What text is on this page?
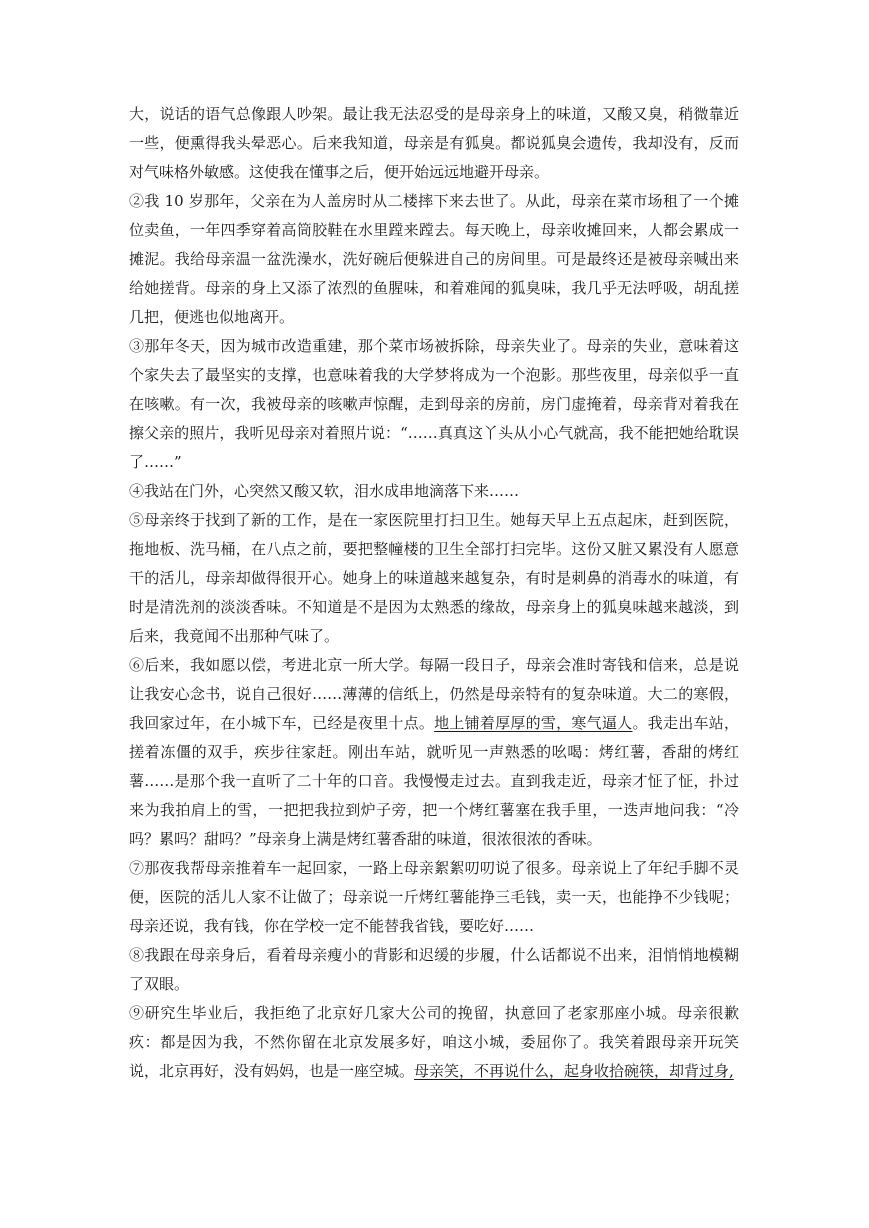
大，说话的语气总像跟人吵架。最让我无法忍受的是母亲身上的味道，又酸又臭，稍微靠近一些，便熏得我头晕恶心。后来我知道，母亲是有狐臭。都说狐臭会遗传，我却没有，反而对气味格外敏感。这使我在懂事之后，便开始远远地避开母亲。

②我 10 岁那年，父亲在为人盖房时从二楼摔下来去世了。从此，母亲在菜市场租了一个摊位卖鱼，一年四季穿着高筒胶鞋在水里蹚来蹚去。每天晚上，母亲收摊回来，人都会累成一摊泥。我给母亲温一盆洗澡水，洗好碗后便躲进自己的房间里。可是最终还是被母亲喊出来给她搓背。母亲的身上又添了浓烈的鱼腥味，和着难闻的狐臭味，我几乎无法呼吸，胡乱搓几把，便逃也似地离开。

③那年冬天，因为城市改造重建，那个菜市场被拆除，母亲失业了。母亲的失业，意味着这个家失去了最坚实的支撑，也意味着我的大学梦将成为一个泡影。那些夜里，母亲似乎一直在咳嗽。有一次，我被母亲的咳嗽声惊醒，走到母亲的房前，房门虚掩着，母亲背对着我在擦父亲的照片，我听见母亲对着照片说：“……真真这丫头从小心气就高，我不能把她给耽误了……”

④我站在门外，心突然又酸又软，泪水成串地滴落下来……

⑤母亲终于找到了新的工作，是在一家医院里打扫卫生。她每天早上五点起床，赶到医院，拖地板、洗马桶，在八点之前，要把整幢楼的卫生全部打扫完毕。这份又脏又累没有人愿意干的活儿，母亲却做得很开心。她身上的味道越来越复杂，有时是刺鼻的消毒水的味道，有时是清洗剂的淡淡香味。不知道是不是因为太熟悉的缘故，母亲身上的狐臭味越来越淡，到后来，我竟闻不出那种气味了。

⑥后来，我如愿以偿，考进北京一所大学。每隔一段日子，母亲会准时寄钱和信来，总是说让我安心念书，说自己很好……薄薄的信纸上，仍然是母亲特有的复杂味道。大二的寒假，我回家过年，在小城下车，已经是夜里十点。地上铺着厚厚的雪，寒气逼人。我走出车站，搓着冻僵的双手，疾步往家赶。刚出车站，就听见一声熟悉的吆喝：烤红薯，香甜的烤红薯……是那个我一直听了二十年的口音。我慢慢走过去。直到我走近，母亲才怔了怔，扑过来为我拍肩上的雪，一把把我拉到炉子旁，把一个烤红薯塞在我手里，一迭声地问我：“冷吗？累吗？甜吗？”母亲身上满是烤红薯香甜的味道，很浓很浓的香味。

⑦那夜我帮母亲推着车一起回家，一路上母亲絮絮叨叨说了很多。母亲说上了年纪手脚不灵便，医院的活儿人家不让做了；母亲说一斤烤红薯能挣三毛钱，卖一天，也能挣不少钱呢；母亲还说，我有钱，你在学校一定不能替我省钱，要吃好……

⑧我跟在母亲身后，看着母亲瘦小的背影和迟缓的步履，什么话都说不出来，泪悄悄地模糊了双眼。

⑨研究生毕业后，我拒绝了北京好几家大公司的挽留，执意回了老家那座小城。母亲很歉疚：都是因为我，不然你留在北京发展多好，咱这小城，委屈你了。我笑着跟母亲开玩笑说，北京再好，没有妈妈，也是一座空城。母亲笑，不再说什么，起身收拾碗筷，却背过身,
